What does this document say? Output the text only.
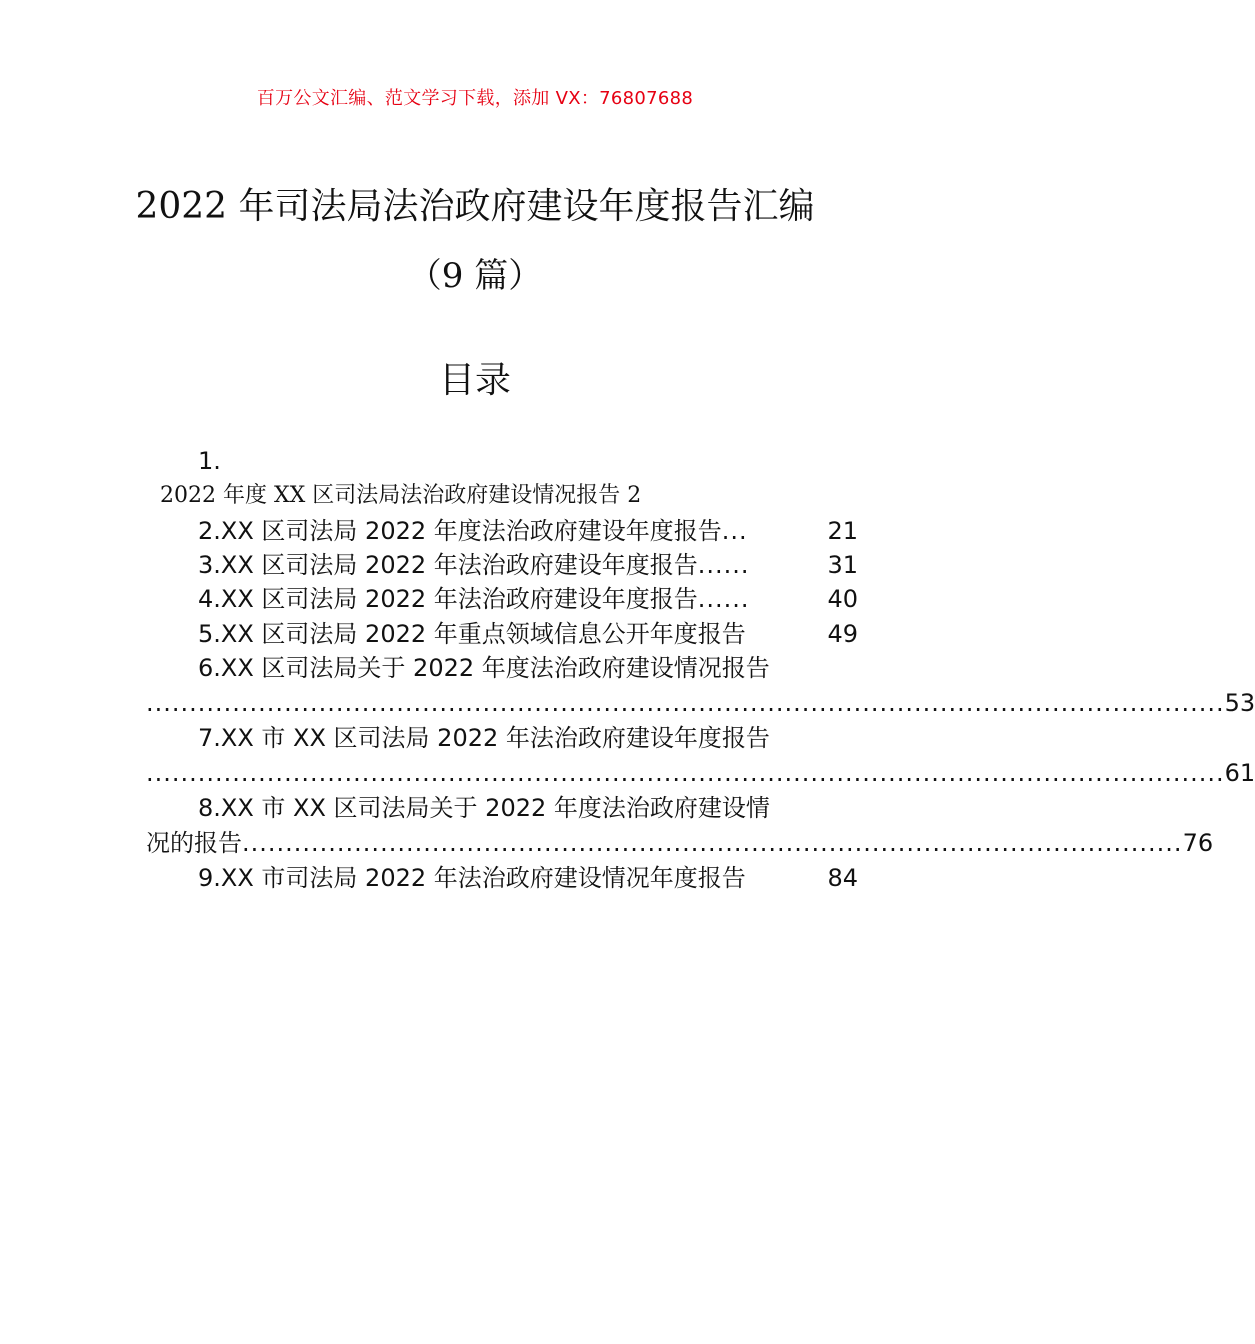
百万公文汇编、范文学习下载，添加 VX：76807688
2022 年司法局法治政府建设年度报告汇编
（9 篇）
目录
1.
2022 年度 XX 区司法局法治政府建设情况报告 2
2.XX 区司法局 2022 年度法治政府建设年度报告 ...	21
3.XX 区司法局 2022 年法治政府建设年度报告 ......	31
4.XX 区司法局 2022 年法治政府建设年度报告 ......	40
5.XX 区司法局 2022 年重点领域信息公开年度报告	49
6.XX 区司法局关于 2022 年度法治政府建设情况报告
............................................................................................................................. 53
7.XX 市 XX 区司法局 2022 年法治政府建设年度报告
............................................................................................................................. 61
8.XX 市 XX 区司法局关于 2022 年度法治政府建设情
况的报告 ............................................................................................................. 76
9.XX 市司法局 2022 年法治政府建设情况年度报告	84
